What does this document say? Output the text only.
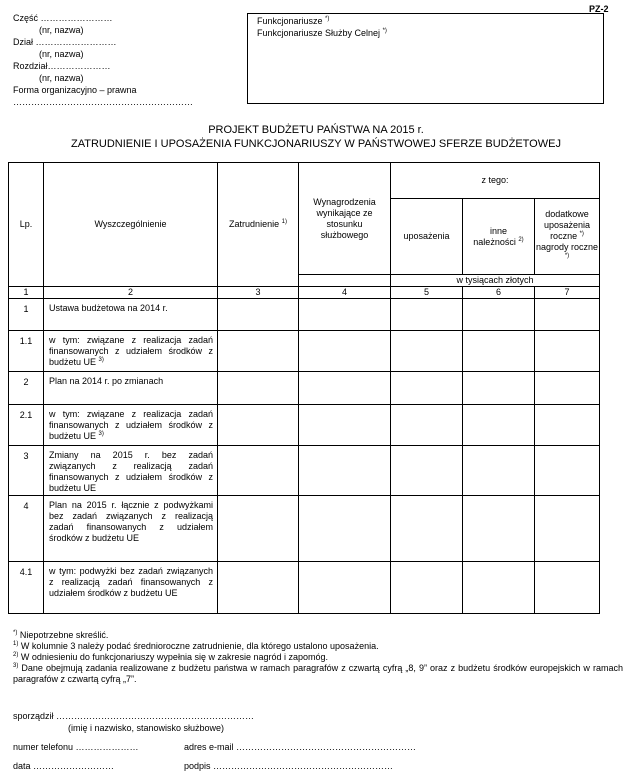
PZ-2
Część ……………………
(nr, nazwa)
Dział ………………………
(nr, nazwa)
Rozdział…………………
(nr, nazwa)
Forma organizacyjno – prawna
……………………………………………………
Funkcjonariusze *)
Funkcjonariusze Służby Celnej *)
PROJEKT BUDŻETU PAŃSTWA NA 2015 r.
ZATRUDNIENIE I UPOSAŻENIA FUNKCJONARIUSZY W PAŃSTWOWEJ SFERZE BUDŻETOWEJ
Lp.	Wyszczególnienie	Zatrudnienie $^{1)}$	Wynagrodzenia wynikające ze stosunku służbowego	z tego:		
				uposażenia	inne należności $^{2)}$	dodatkowe uposażenia roczne *)
nagrody roczne *)
				w tysiącach złotych		
1	2	3	4	5	6	7
1	Ustawa budżetowa na 2014 r.					
1.1	w tym: związane z realizacja zadań finansowanych z udziałem środków z budżetu UE $^{3)}$					
2	Plan na 2014 r. po zmianach					
2.1	w tym: związane z realizacja zadań finansowanych z udziałem środków z budżetu UE $^{3)}$					
3	Zmiany na 2015 r. bez zadań związanych z realizacją zadań finansowanych z udziałem środków z budżetu UE					
4	Plan na 2015 r. łącznie z podwyżkami bez zadań związanych z realizacją zadań finansowanych z udziałem środków z budżetu UE					
4.1	w tym: podwyżki bez zadań związanych z realizacją zadań finansowanych z udziałem środków z budżetu UE					
*) Niepotrzebne skreślić.
$^{1)}$ W kolumnie 3 należy podać średnioroczne zatrudnienie, dla którego ustalono uposażenia.
$^{2)}$ W odniesieniu do funkcjonariuszy wypełnia się w zakresie nagród i zapomóg.
$^{3)}$ Dane obejmują zadania realizowane z budżetu państwa w ramach paragrafów z czwartą cyfrą „8, 9” oraz z budżetu środków europejskich w ramach paragrafów z czwartą cyfrą „7”.
sporządził …………………………………………………………
(imię i nazwisko, stanowisko służbowe)
numer telefonu …………………	adres e-mail ……………………………………………………
data ………………………	podpis ……………………………………………………
